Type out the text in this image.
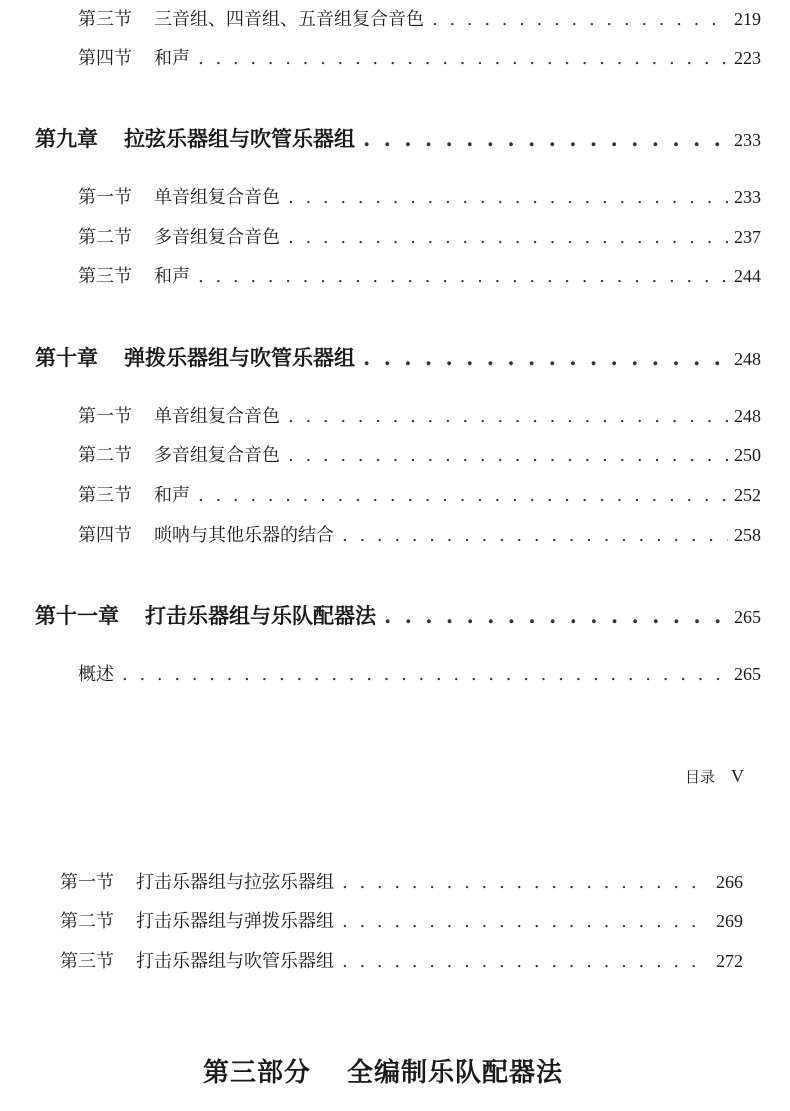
第三节 三音组、四音组、五音组复合音色 . . .	219
第四节 和声 . . .	223
第九章 拉弦乐器组与吹管乐器组 . . .	233
第一节 单音组复合音色 . . .	233
第二节 多音组复合音色 . . .	237
第三节 和声 . . .	244
第十章 弹拨乐器组与吹管乐器组 . . .	248
第一节 单音组复合音色 . . .	248
第二节 多音组复合音色 . . .	250
第三节 和声 . . .	252
第四节 唢呐与其他乐器的结合 . . .	258
第十一章 打击乐器组与乐队配器法 . . .	265
概述 . . .	265
目录 V
第一节 打击乐器组与拉弦乐器组 . . .	266
第二节 打击乐器组与弹拨乐器组 . . .	269
第三节 打击乐器组与吹管乐器组 . . .	272
第三部分 全编制乐队配器法
